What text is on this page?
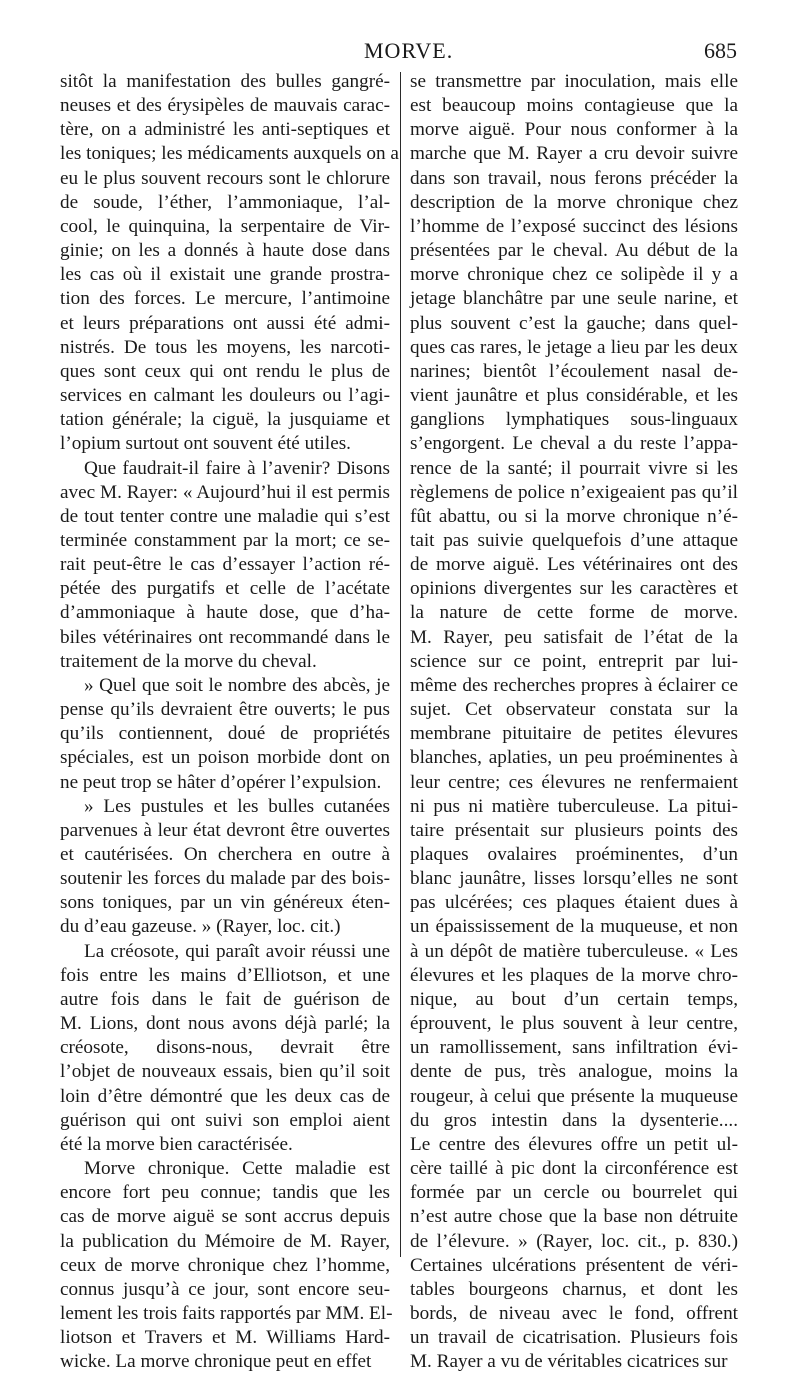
MORVE.	685

sitôt la manifestation des bulles gangré-
neuses et des érysipèles de mauvais carac-
tère, on a administré les anti-septiques et
les toniques; les médicaments auxquels on a
eu le plus souvent recours sont le chlorure
de soude, l’éther, l’ammoniaque, l’al-
cool, le quinquina, la serpentaire de Vir-
ginie; on les a donnés à haute dose dans
les cas où il existait une grande prostra-
tion des forces. Le mercure, l’antimoine
et leurs préparations ont aussi été admi-
nistrés. De tous les moyens, les narcoti-
ques sont ceux qui ont rendu le plus de
services en calmant les douleurs ou l’agi-
tation générale; la ciguë, la jusquiame et
l’opium surtout ont souvent été utiles.

Que faudrait-il faire à l’avenir? Disons
avec M. Rayer: « Aujourd’hui il est permis
de tout tenter contre une maladie qui s’est
terminée constamment par la mort; ce se-
rait peut-être le cas d’essayer l’action ré-
pétée des purgatifs et celle de l’acétate
d’ammoniaque à haute dose, que d’ha-
biles vétérinaires ont recommandé dans le
traitement de la morve du cheval.

» Quel que soit le nombre des abcès, je
pense qu’ils devraient être ouverts; le pus
qu’ils contiennent, doué de propriétés
spéciales, est un poison morbide dont on
ne peut trop se hâter d’opérer l’expulsion.

» Les pustules et les bulles cutanées
parvenues à leur état devront être ouvertes
et cautérisées. On cherchera en outre à
soutenir les forces du malade par des bois-
sons toniques, par un vin généreux éten-
du d’eau gazeuse. » (Rayer, loc. cit.)

La créosote, qui paraît avoir réussi une
fois entre les mains d’Elliotson, et une
autre fois dans le fait de guérison de
M. Lions, dont nous avons déjà parlé; la
créosote, disons-nous, devrait être
l’objet de nouveaux essais, bien qu’il soit
loin d’être démontré que les deux cas de
guérison qui ont suivi son emploi aient
été la morve bien caractérisée.

Morve chronique. Cette maladie est
encore fort peu connue; tandis que les
cas de morve aiguë se sont accrus depuis
la publication du Mémoire de M. Rayer,
ceux de morve chronique chez l’homme,
connus jusqu’à ce jour, sont encore seu-
lement les trois faits rapportés par MM. El-
liotson et Travers et M. Williams Hard-
wicke. La morve chronique peut en effet

se transmettre par inoculation, mais elle
est beaucoup moins contagieuse que la
morve aiguë. Pour nous conformer à la
marche que M. Rayer a cru devoir suivre
dans son travail, nous ferons précéder la
description de la morve chronique chez
l’homme de l’exposé succinct des lésions
présentées par le cheval. Au début de la
morve chronique chez ce solipède il y a
jetage blanchâtre par une seule narine, et
plus souvent c’est la gauche; dans quel-
ques cas rares, le jetage a lieu par les deux
narines; bientôt l’écoulement nasal de-
vient jaunâtre et plus considérable, et les
ganglions lymphatiques sous-linguaux
s’engorgent. Le cheval a du reste l’appa-
rence de la santé; il pourrait vivre si les
règlemens de police n’exigeaient pas qu’il
fût abattu, ou si la morve chronique n’é-
tait pas suivie quelquefois d’une attaque
de morve aiguë. Les vétérinaires ont des
opinions divergentes sur les caractères et
la nature de cette forme de morve.
M. Rayer, peu satisfait de l’état de la
science sur ce point, entreprit par lui-
même des recherches propres à éclairer ce
sujet. Cet observateur constata sur la
membrane pituitaire de petites élevures
blanches, aplaties, un peu proéminentes à
leur centre; ces élevures ne renfermaient
ni pus ni matière tuberculeuse. La pitui-
taire présentait sur plusieurs points des
plaques ovalaires proéminentes, d’un
blanc jaunâtre, lisses lorsqu’elles ne sont
pas ulcérées; ces plaques étaient dues à
un épaississement de la muqueuse, et non
à un dépôt de matière tuberculeuse. « Les
élevures et les plaques de la morve chro-
nique, au bout d’un certain temps,
éprouvent, le plus souvent à leur centre,
un ramollissement, sans infiltration évi-
dente de pus, très analogue, moins la
rougeur, à celui que présente la muqueuse
du gros intestin dans la dysenterie....
Le centre des élevures offre un petit ul-
cère taillé à pic dont la circonférence est
formée par un cercle ou bourrelet qui
n’est autre chose que la base non détruite
de l’élevure. » (Rayer, loc. cit., p. 830.)
Certaines ulcérations présentent de véri-
tables bourgeons charnus, et dont les
bords, de niveau avec le fond, offrent
un travail de cicatrisation. Plusieurs fois
M. Rayer a vu de véritables cicatrices sur
